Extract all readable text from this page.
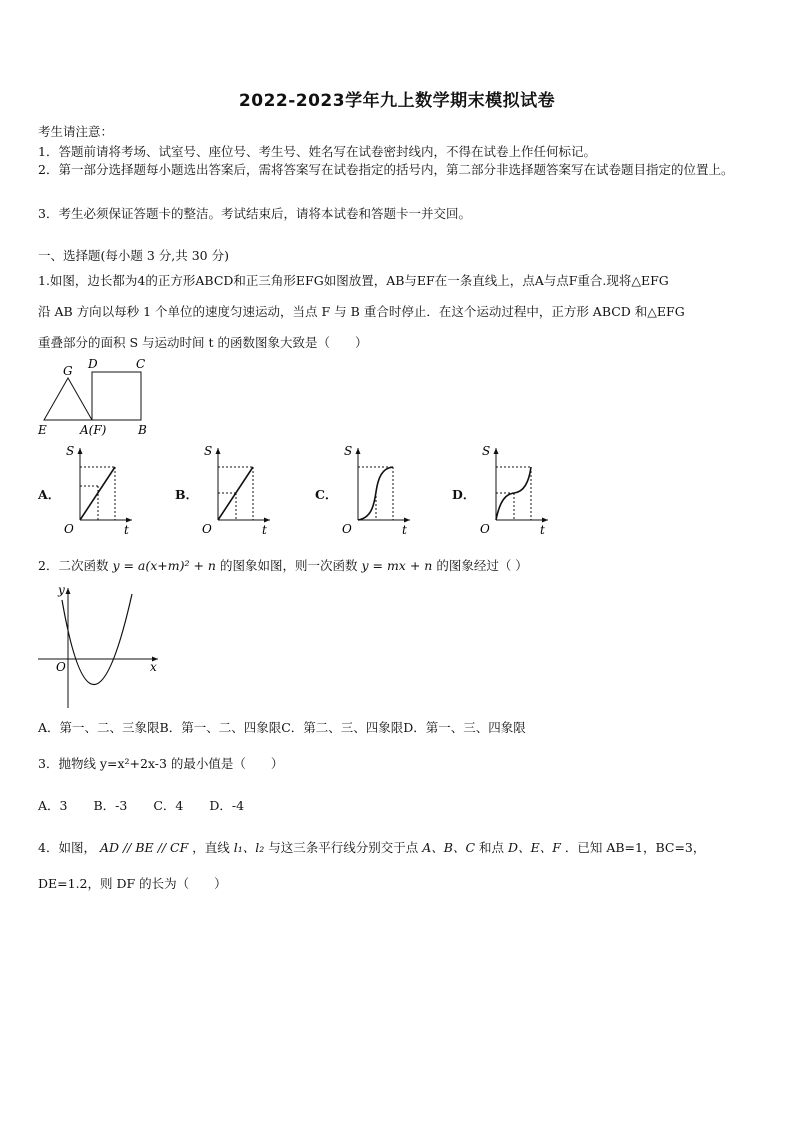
2022-2023学年九上数学期末模拟试卷
考生请注意：
1．答题前请将考场、试室号、座位号、考生号、姓名写在试卷密封线内，不得在试卷上作任何标记。
2．第一部分选择题每小题选出答案后，需将答案写在试卷指定的括号内，第二部分非选择题答案写在试卷题目指定的位置上。
3．考生必须保证答题卡的整洁。考试结束后，请将本试卷和答题卡一并交回。
一、选择题(每小题 3 分,共 30 分)
1.如图，边长都为4的正方形ABCD和正三角形EFG如图放置，AB与EF在一条直线上，点A与点F重合.现将△EFG
沿 AB 方向以每秒 1 个单位的速度匀速运动，当点 F 与 B 重合时停止．在这个运动过程中，正方形 ABCD 和△EFG
重叠部分的面积 S 与运动时间 t 的函数图象大致是（　　）
G D	C
E	A(F)	B
A．
S
O	t
B．
S
O	t
C．
S
O	t
D．
S
O	t
2．二次函数 y = a(x+m)² + n 的图象如图，则一次函数 y = mx + n 的图象经过（ ）
y
x
O
A．第一、二、三象限B．第一、二、四象限C．第二、三、四象限D．第一、三、四象限
3．抛物线 y=x²+2x-3 的最小值是（　　）
A．3 B．-3 C．4 D．-4
4．如图， AD // BE // CF ，直线 l₁、l₂ 与这三条平行线分别交于点 A、B、C 和点 D、E、F ．已知 AB=1，BC=3，
DE=1.2，则 DF 的长为（　　）
